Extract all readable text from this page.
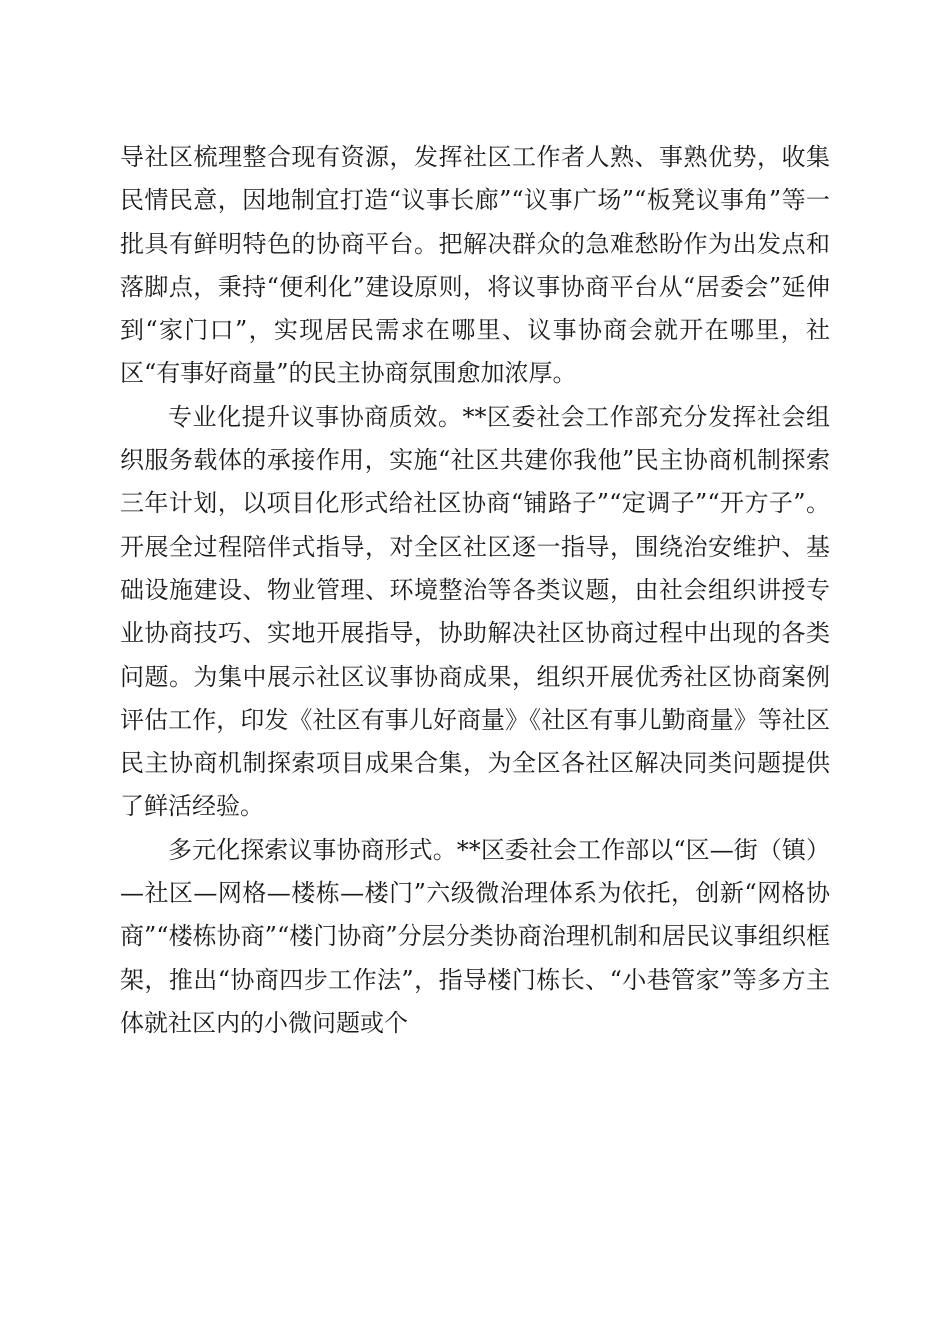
导社区梳理整合现有资源，发挥社区工作者人熟、事熟优势，收集民情民意，因地制宜打造“议事长廊”“议事广场”“板凳议事角”等一批具有鲜明特色的协商平台。把解决群众的急难愁盼作为出发点和落脚点，秉持“便利化”建设原则，将议事协商平台从“居委会”延伸到“家门口”，实现居民需求在哪里、议事协商会就开在哪里，社区“有事好商量”的民主协商氛围愈加浓厚。

专业化提升议事协商质效。**区委社会工作部充分发挥社会组织服务载体的承接作用，实施“社区共建你我他”民主协商机制探索三年计划，以项目化形式给社区协商“铺路子”“定调子”“开方子”。开展全过程陪伴式指导，对全区社区逐一指导，围绕治安维护、基础设施建设、物业管理、环境整治等各类议题，由社会组织讲授专业协商技巧、实地开展指导，协助解决社区协商过程中出现的各类问题。为集中展示社区议事协商成果，组织开展优秀社区协商案例评估工作，印发《社区有事儿好商量》《社区有事儿勤商量》等社区民主协商机制探索项目成果合集，为全区各社区解决同类问题提供了鲜活经验。

多元化探索议事协商形式。**区委社会工作部以“区—街（镇）—社区—网格—楼栋—楼门”六级微治理体系为依托，创新“网格协商”“楼栋协商”“楼门协商”分层分类协商治理机制和居民议事组织框架，推出“协商四步工作法”，指导楼门栋长、“小巷管家”等多方主体就社区内的小微问题或个
